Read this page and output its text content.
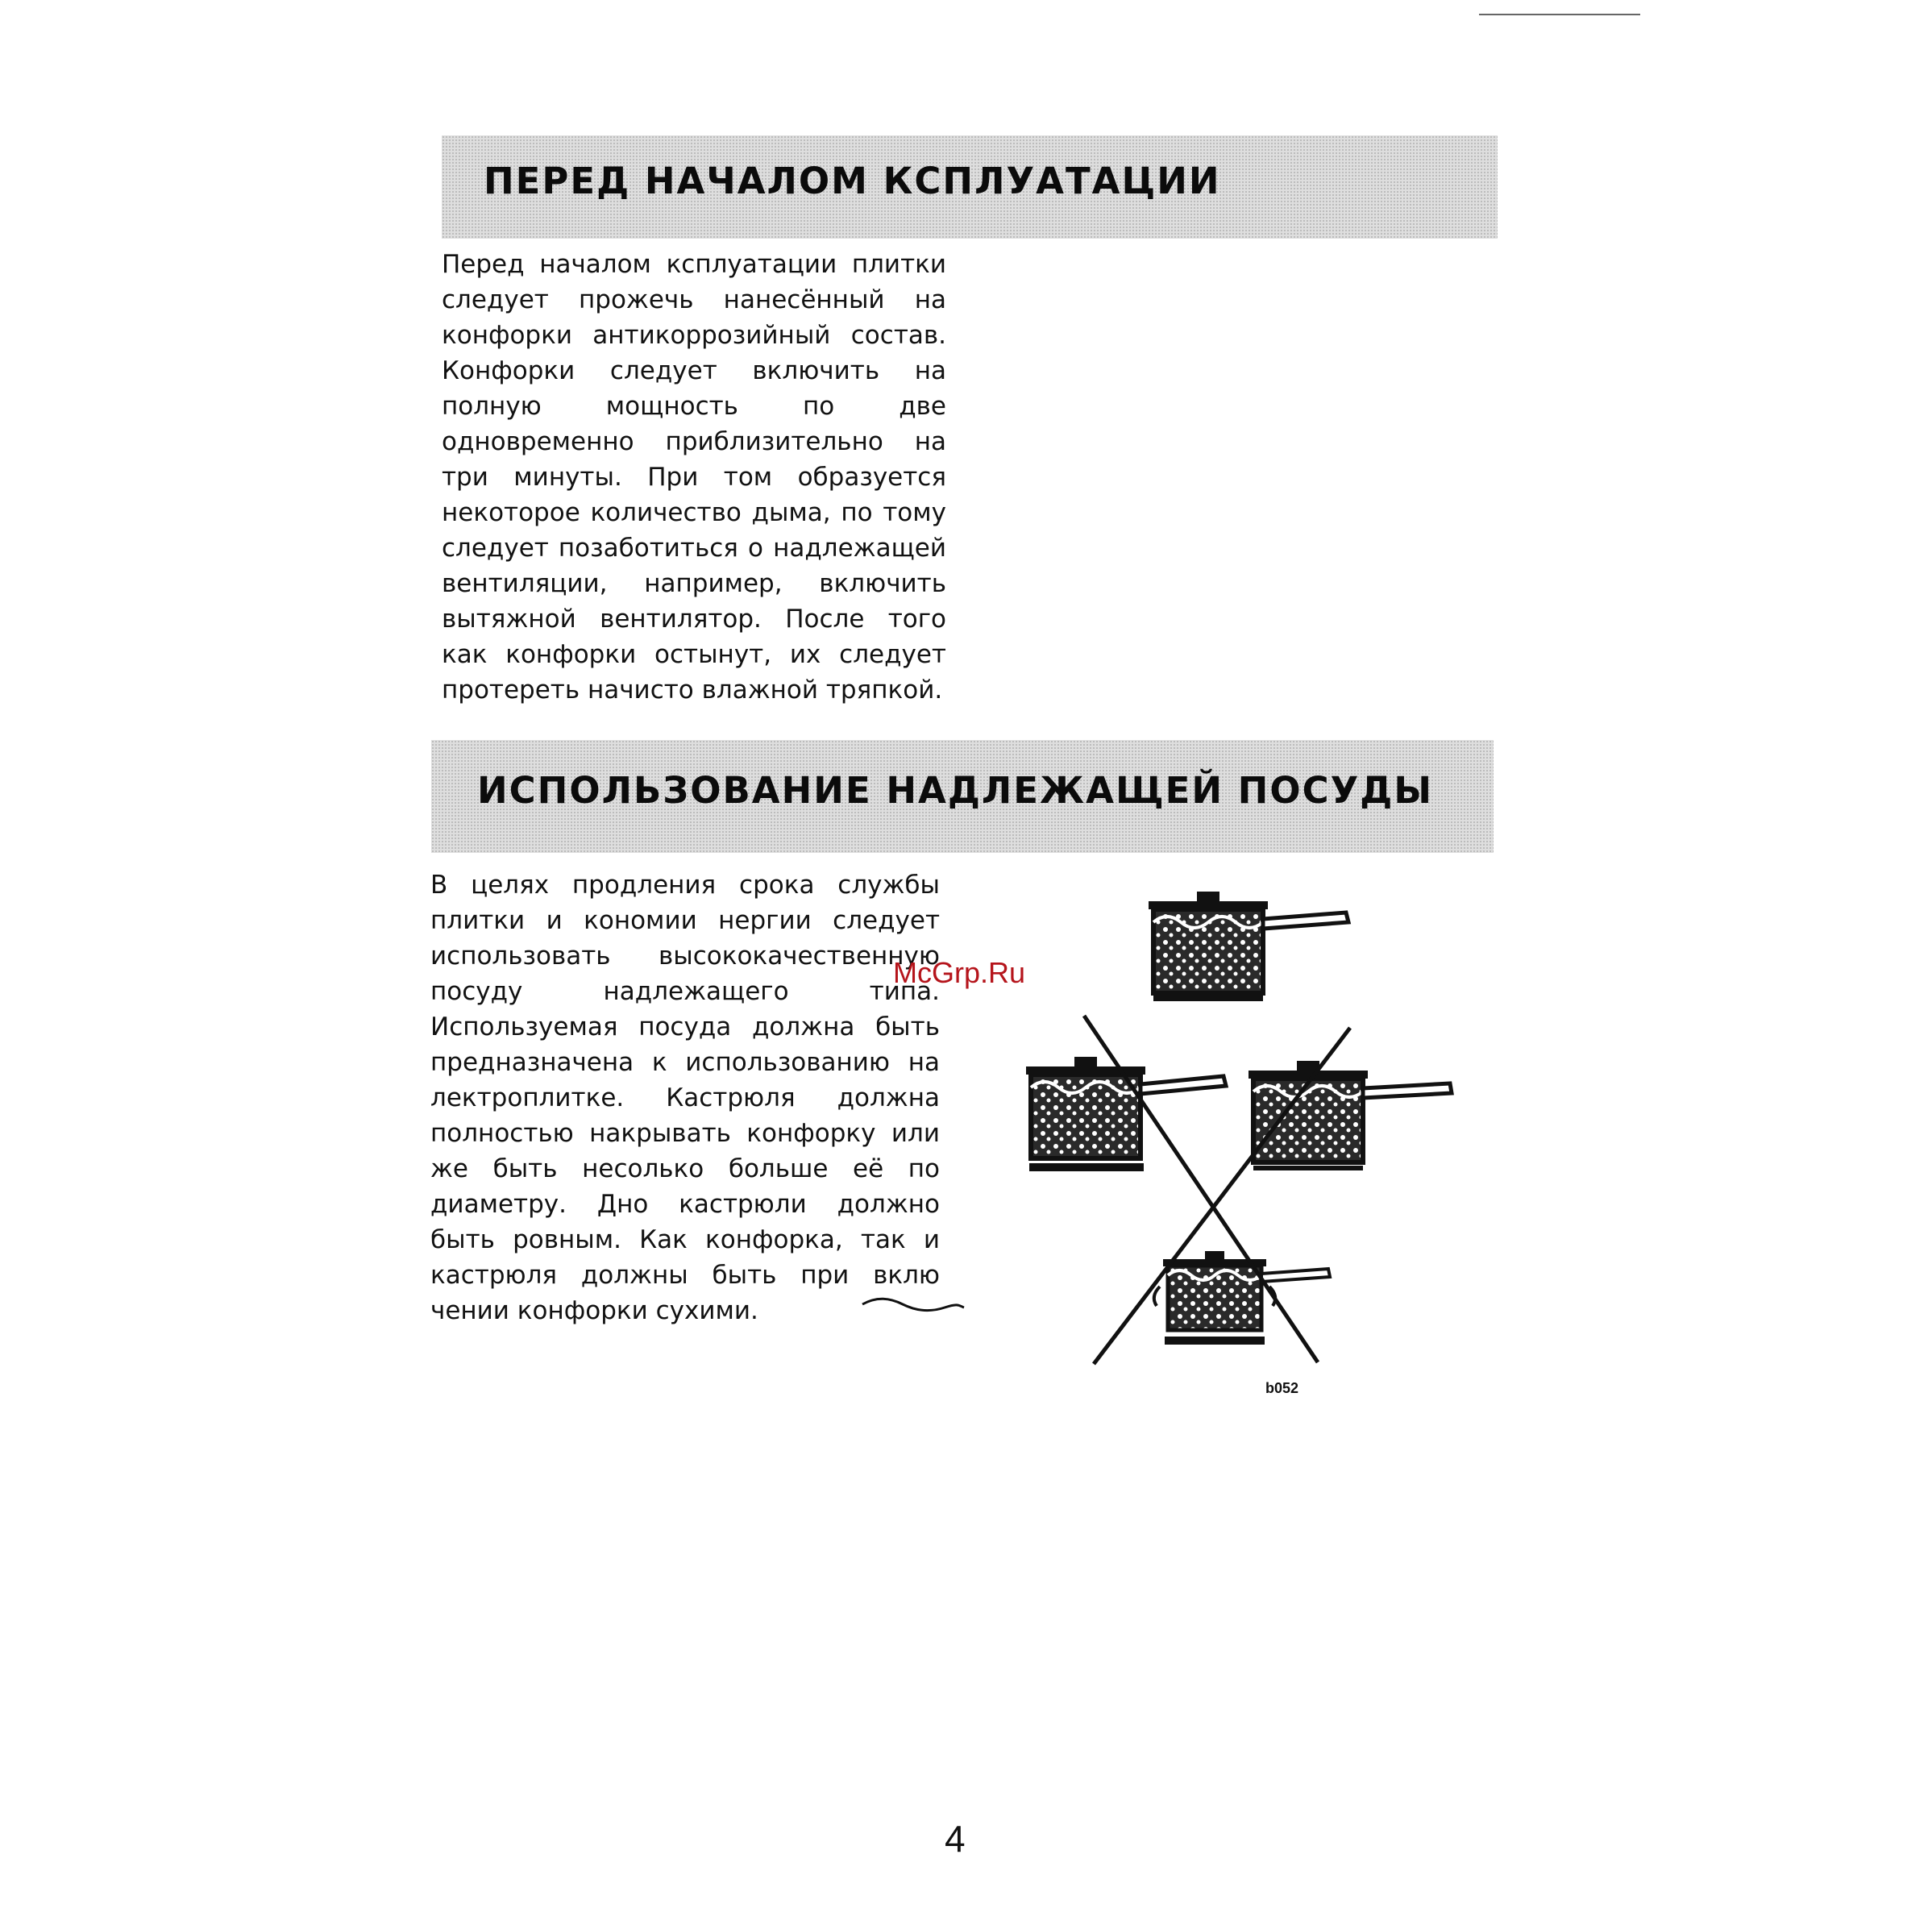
ПЕРЕД НАЧАЛОМ КСПЛУАТАЦИИ
Перед началом ксплуатации плитки
следует прожечь нанесённый на
конфорки антикоррозийный состав.
Конфорки следует включить на
полную мощность по две
одновременно приблизительно на
три минуты. При том образуется
некоторое количество дыма, по тому
следует позаботиться о надлежащей
вентиляции, например, включить
вытяжной вентилятор. После того
как конфорки остынут, их следует
протереть начисто влажной тряпкой.
ИСПОЛЬЗОВАНИЕ НАДЛЕЖАЩЕЙ ПОСУДЫ
В целях продления срока службы
плитки и кономии нергии следует
использовать высококачественную
посуду надлежащего типа.
Используемая посуда должна быть
предназначена к использованию на
лектроплитке. Кастрюля должна
полностью накрывать конфорку или
же быть несолько больше её по
диаметру. Дно кастрюли должно
быть ровным. Как конфорка, так и
кастрюля должны быть при вклю
чении конфорки сухими.
b052
McGrp.Ru
4
